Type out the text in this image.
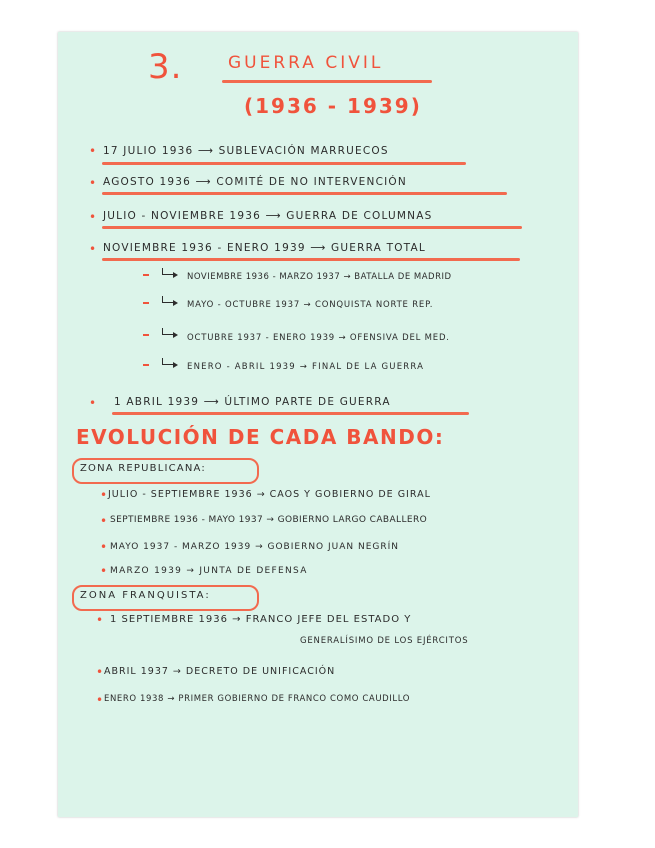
3.	GUERRA CIVIL
(1936 - 1939)
• 17 JULIO 1936 ⟶ SUBLEVACIÓN MARRUECOS
• AGOSTO 1936 ⟶ COMITÉ DE NO INTERVENCIÓN
• JULIO - NOVIEMBRE 1936 ⟶ GUERRA DE COLUMNAS
• NOVIEMBRE 1936 - ENERO 1939 ⟶ GUERRA TOTAL
NOVIEMBRE 1936 - MARZO 1937 → BATALLA DE MADRID
MAYO - OCTUBRE 1937 → CONQUISTA NORTE REP.
OCTUBRE 1937 - ENERO 1939 → OFENSIVA DEL MED.
ENERO - ABRIL 1939 → FINAL DE LA GUERRA
• 1 ABRIL 1939 ⟶ ÚLTIMO PARTE DE GUERRA
EVOLUCIÓN DE CADA BANDO:
ZONA REPUBLICANA:
• JULIO - SEPTIEMBRE 1936 → CAOS Y GOBIERNO DE GIRAL
• SEPTIEMBRE 1936 - MAYO 1937 → GOBIERNO LARGO CABALLERO
• MAYO 1937 - MARZO 1939 → GOBIERNO JUAN NEGRÍN
• MARZO 1939 → JUNTA DE DEFENSA
ZONA FRANQUISTA:
• 1 SEPTIEMBRE 1936 → FRANCO JEFE DEL ESTADO Y
GENERALÍSIMO DE LOS EJÉRCITOS
• ABRIL 1937 → DECRETO DE UNIFICACIÓN
• ENERO 1938 → PRIMER GOBIERNO DE FRANCO COMO CAUDILLO
